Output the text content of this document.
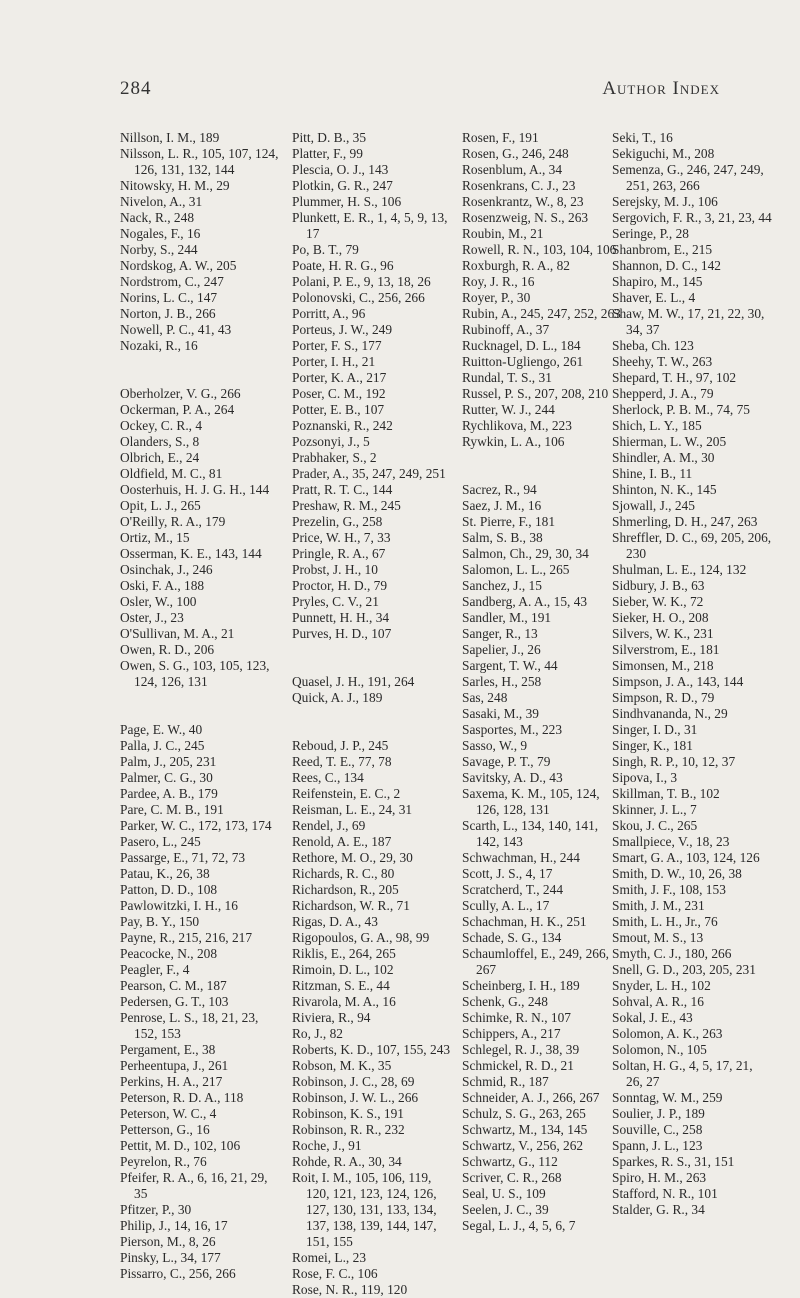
284	Author Index

Nillson, I. M., 189

Nilsson, L. R., 105, 107, 124, 126, 131, 132, 144

Nitowsky, H. M., 29

Nivelon, A., 31

Nack, R., 248

Nogales, F., 16

Norby, S., 244

Nordskog, A. W., 205

Nordstrom, C., 247

Norins, L. C., 147

Norton, J. B., 266

Nowell, P. C., 41, 43

Nozaki, R., 16

Oberholzer, V. G., 266

Ockerman, P. A., 264

Ockey, C. R., 4

Olanders, S., 8

Olbrich, E., 24

Oldfield, M. C., 81

Oosterhuis, H. J. G. H., 144

Opit, L. J., 265

O'Reilly, R. A., 179

Ortiz, M., 15

Osserman, K. E., 143, 144

Osinchak, J., 246

Oski, F. A., 188

Osler, W., 100

Oster, J., 23

O'Sullivan, M. A., 21

Owen, R. D., 206

Owen, S. G., 103, 105, 123, 124, 126, 131

Page, E. W., 40

Palla, J. C., 245

Palm, J., 205, 231

Palmer, C. G., 30

Pardee, A. B., 179

Pare, C. M. B., 191

Parker, W. C., 172, 173, 174

Pasero, L., 245

Passarge, E., 71, 72, 73

Patau, K., 26, 38

Patton, D. D., 108

Pawlowitzki, I. H., 16

Pay, B. Y., 150

Payne, R., 215, 216, 217

Peacocke, N., 208

Peagler, F., 4

Pearson, C. M., 187

Pedersen, G. T., 103

Penrose, L. S., 18, 21, 23, 152, 153

Pergament, E., 38

Perheentupa, J., 261

Perkins, H. A., 217

Peterson, R. D. A., 118

Peterson, W. C., 4

Petterson, G., 16

Pettit, M. D., 102, 106

Peyrelon, R., 76

Pfeifer, R. A., 6, 16, 21, 29, 35

Pfitzer, P., 30

Philip, J., 14, 16, 17

Pierson, M., 8, 26

Pinsky, L., 34, 177

Pissarro, C., 256, 266

Pitt, D. B., 35

Platter, F., 99

Plescia, O. J., 143

Plotkin, G. R., 247

Plummer, H. S., 106

Plunkett, E. R., 1, 4, 5, 9, 13, 17

Po, B. T., 79

Poate, H. R. G., 96

Polani, P. E., 9, 13, 18, 26

Polonovski, C., 256, 266

Porritt, A., 96

Porteus, J. W., 249

Porter, F. S., 177

Porter, I. H., 21

Porter, K. A., 217

Poser, C. M., 192

Potter, E. B., 107

Poznanski, R., 242

Pozsonyi, J., 5

Prabhaker, S., 2

Prader, A., 35, 247, 249, 251

Pratt, R. T. C., 144

Preshaw, R. M., 245

Prezelin, G., 258

Price, W. H., 7, 33

Pringle, R. A., 67

Probst, J. H., 10

Proctor, H. D., 79

Pryles, C. V., 21

Punnett, H. H., 34

Purves, H. D., 107

Quasel, J. H., 191, 264

Quick, A. J., 189

Reboud, J. P., 245

Reed, T. E., 77, 78

Rees, C., 134

Reifenstein, E. C., 2

Reisman, L. E., 24, 31

Rendel, J., 69

Renold, A. E., 187

Rethore, M. O., 29, 30

Richards, R. C., 80

Richardson, R., 205

Richardson, W. R., 71

Rigas, D. A., 43

Rigopoulos, G. A., 98, 99

Riklis, E., 264, 265

Rimoin, D. L., 102

Ritzman, S. E., 44

Rivarola, M. A., 16

Riviera, R., 94

Ro, J., 82

Roberts, K. D., 107, 155, 243

Robson, M. K., 35

Robinson, J. C., 28, 69

Robinson, J. W. L., 266

Robinson, K. S., 191

Robinson, R. R., 232

Roche, J., 91

Rohde, R. A., 30, 34

Roit, I. M., 105, 106, 119, 120, 121, 123, 124, 126, 127, 130, 131, 133, 134, 137, 138, 139, 144, 147, 151, 155

Romei, L., 23

Rose, F. C., 106

Rose, N. R., 119, 120

Rosen, F., 191

Rosen, G., 246, 248

Rosenblum, A., 34

Rosenkrans, C. J., 23

Rosenkrantz, W., 8, 23

Rosenzweig, N. S., 263

Roubin, M., 21

Rowell, R. N., 103, 104, 106

Roxburgh, R. A., 82

Roy, J. R., 16

Royer, P., 30

Rubin, A., 245, 247, 252, 263

Rubinoff, A., 37

Rucknagel, D. L., 184

Ruitton-Ugliengo, 261

Rundal, T. S., 31

Russel, P. S., 207, 208, 210

Rutter, W. J., 244

Rychlikova, M., 223

Rywkin, L. A., 106

Sacrez, R., 94

Saez, J. M., 16

St. Pierre, F., 181

Salm, S. B., 38

Salmon, Ch., 29, 30, 34

Salomon, L. L., 265

Sanchez, J., 15

Sandberg, A. A., 15, 43

Sandler, M., 191

Sanger, R., 13

Sapelier, J., 26

Sargent, T. W., 44

Sarles, H., 258

Sas, 248

Sasaki, M., 39

Sasportes, M., 223

Sasso, W., 9

Savage, P. T., 79

Savitsky, A. D., 43

Saxema, K. M., 105, 124, 126, 128, 131

Scarth, L., 134, 140, 141, 142, 143

Schwachman, H., 244

Scott, J. S., 4, 17

Scratcherd, T., 244

Scully, A. L., 17

Schachman, H. K., 251

Schade, S. G., 134

Schaumloffel, E., 249, 266, 267

Scheinberg, I. H., 189

Schenk, G., 248

Schimke, R. N., 107

Schippers, A., 217

Schlegel, R. J., 38, 39

Schmickel, R. D., 21

Schmid, R., 187

Schneider, A. J., 266, 267

Schulz, S. G., 263, 265

Schwartz, M., 134, 145

Schwartz, V., 256, 262

Schwartz, G., 112

Scriver, C. R., 268

Seal, U. S., 109

Seelen, J. C., 39

Segal, L. J., 4, 5, 6, 7

Seki, T., 16

Sekiguchi, M., 208

Semenza, G., 246, 247, 249, 251, 263, 266

Serejsky, M. J., 106

Sergovich, F. R., 3, 21, 23, 44

Seringe, P., 28

Shanbrom, E., 215

Shannon, D. C., 142

Shapiro, M., 145

Shaver, E. L., 4

Shaw, M. W., 17, 21, 22, 30, 34, 37

Sheba, Ch. 123

Sheehy, T. W., 263

Shepard, T. H., 97, 102

Shepperd, J. A., 79

Sherlock, P. B. M., 74, 75

Shich, L. Y., 185

Shierman, L. W., 205

Shindler, A. M., 30

Shine, I. B., 11

Shinton, N. K., 145

Sjowall, J., 245

Shmerling, D. H., 247, 263

Shreffler, D. C., 69, 205, 206, 230

Shulman, L. E., 124, 132

Sidbury, J. B., 63

Sieber, W. K., 72

Sieker, H. O., 208

Silvers, W. K., 231

Silverstrom, E., 181

Simonsen, M., 218

Simpson, J. A., 143, 144

Simpson, R. D., 79

Sindhvananda, N., 29

Singer, I. D., 31

Singer, K., 181

Singh, R. P., 10, 12, 37

Sipova, I., 3

Skillman, T. B., 102

Skinner, J. L., 7

Skou, J. C., 265

Smallpiece, V., 18, 23

Smart, G. A., 103, 124, 126

Smith, D. W., 10, 26, 38

Smith, J. F., 108, 153

Smith, J. M., 231

Smith, L. H., Jr., 76

Smout, M. S., 13

Smyth, C. J., 180, 266

Snell, G. D., 203, 205, 231

Snyder, L. H., 102

Sohval, A. R., 16

Sokal, J. E., 43

Solomon, A. K., 263

Solomon, N., 105

Soltan, H. G., 4, 5, 17, 21, 26, 27

Sonntag, W. M., 259

Soulier, J. P., 189

Souville, C., 258

Spann, J. L., 123

Sparkes, R. S., 31, 151

Spiro, H. M., 263

Stafford, N. R., 101

Stalder, G. R., 34
